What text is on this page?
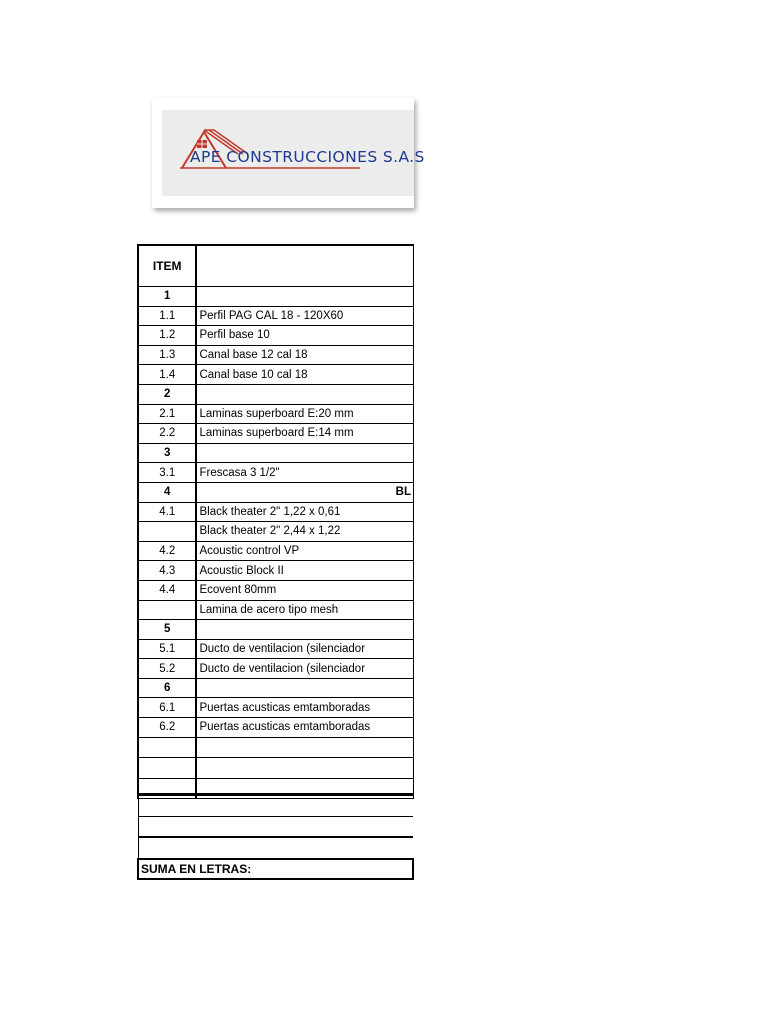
APE CONSTRUCCIONES S.A.S
ITEM	
1	
1.1	Perfil PAG CAL 18 - 120X60
1.2	Perfil base 10
1.3	Canal base 12 cal 18
1.4	Canal base 10 cal 18
2	
2.1	Laminas superboard E:20 mm
2.2	Laminas superboard E:14 mm
3	
3.1	Frescasa 3 1/2"
4	BL
4.1	Black theater 2" 1,22 x 0,61
	Black theater 2" 2,44 x 1,22
4.2	Acoustic control VP
4.3	Acoustic Block II
4.4	Ecovent 80mm
	Lamina de acero tipo mesh
5	
5.1	Ducto de ventilacion (silenciador
5.2	Ducto de ventilacion (silenciador
6	
6.1	Puertas acusticas emtamboradas
6.2	Puertas acusticas emtamboradas

SUMA EN LETRAS:
